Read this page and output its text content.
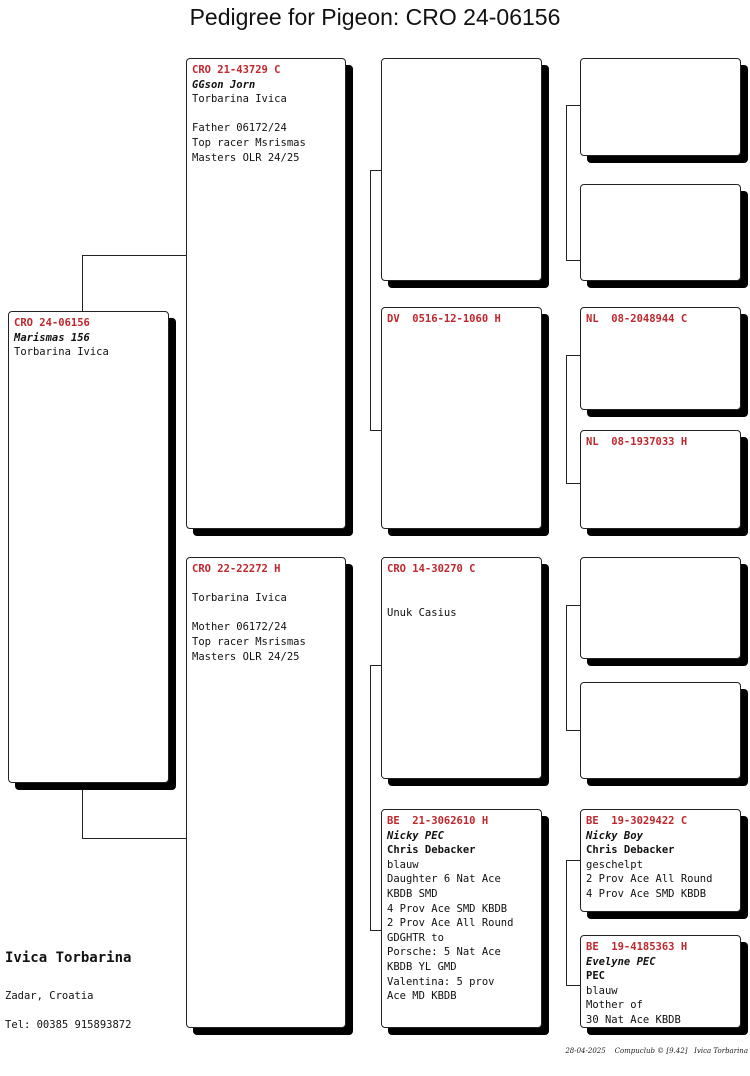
Pedigree for Pigeon: CRO 24-06156
CRO 24-06156
Marismas 156
Torbarina Ivica
CRO 21-43729 C
GGson Jorn
Torbarina Ivica
Father 06172/24
Top racer Msrismas
Masters OLR 24/25
CRO 22-22272 H
Torbarina Ivica
Mother 06172/24
Top racer Msrismas
Masters OLR 24/25
DV  0516-12-1060 H
CRO 14-30270 C
Unuk Casius
BE  21-3062610 H
Nicky PEC
Chris Debacker
blauw
Daughter 6 Nat Ace
KBDB SMD
4 Prov Ace SMD KBDB
2 Prov Ace All Round
GDGHTR to
Porsche: 5 Nat Ace
KBDB YL GMD
Valentina: 5 prov
Ace MD KBDB
NL  08-2048944 C
NL  08-1937033 H
BE  19-3029422 C
Nicky Boy
Chris Debacker
geschelpt
2 Prov Ace All Round
4 Prov Ace SMD KBDB
BE  19-4185363 H
Evelyne PEC
PEC
blauw
Mother of
30 Nat Ace KBDB
Ivica Torbarina
Zadar, Croatia
Tel: 00385 915893872
28-04-2025    Compuclub © [9.42]   Ivica Torbarina
